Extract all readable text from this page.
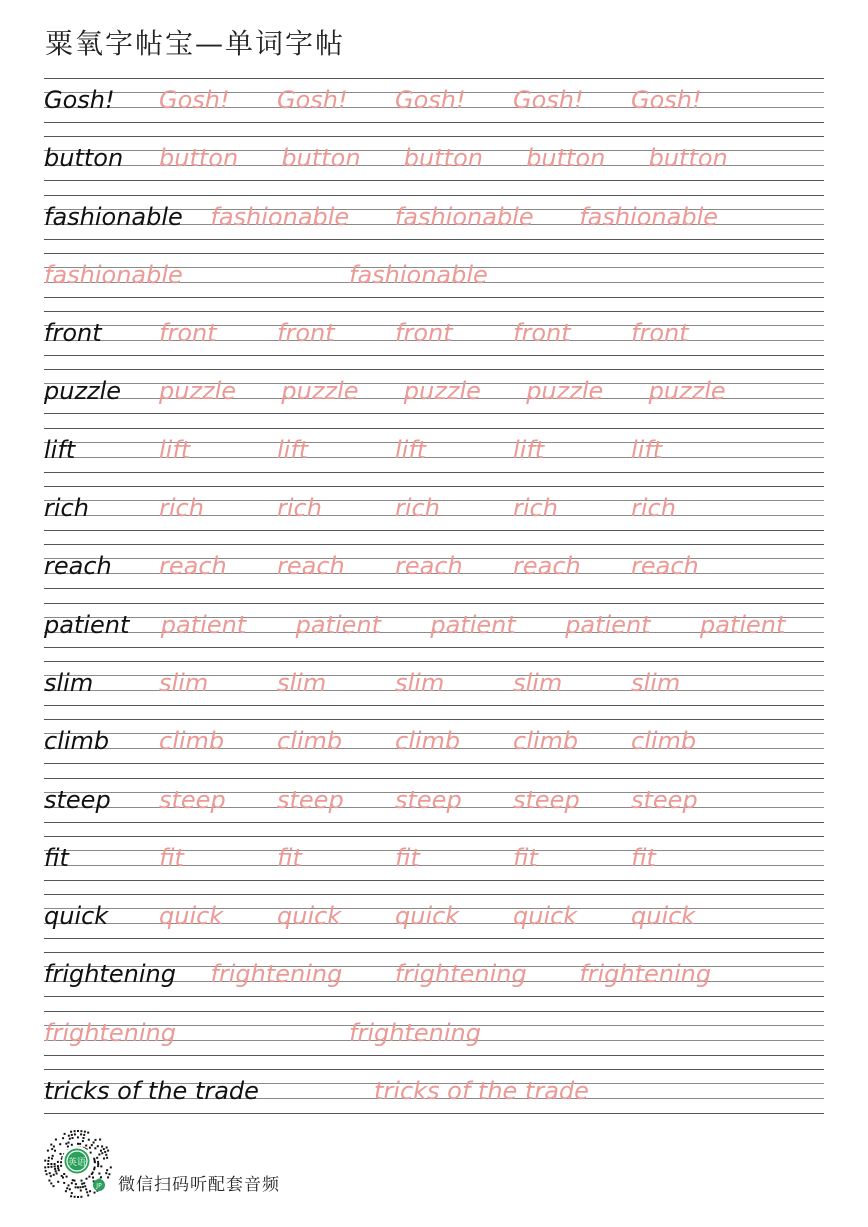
粟氧字帖宝—单词字帖
Gosh! Gosh! Gosh! Gosh! Gosh! Gosh!
button button button button button button
fashionable fashionable fashionable fashionable
fashionable	fashionable
front front	front	front	front	front
puzzle puzzle puzzle puzzle puzzle puzzle
lift	lift	lift	lift	lift	lift
rich	rich	rich	rich	rich	rich
reach reach reach reach reach reach
patient patient patient patient patient patient
slim	slim	slim	slim	slim	slim
climb climb climb climb climb climb
steep steep steep steep steep steep
fit	fit	fit	fit	fit	fit
quick quick quick quick quick quick
frightening frightening frightening frightening
frightening	frightening
tricks of the trade	tricks of the trade
英语
JP 微信扫码听配套音频
